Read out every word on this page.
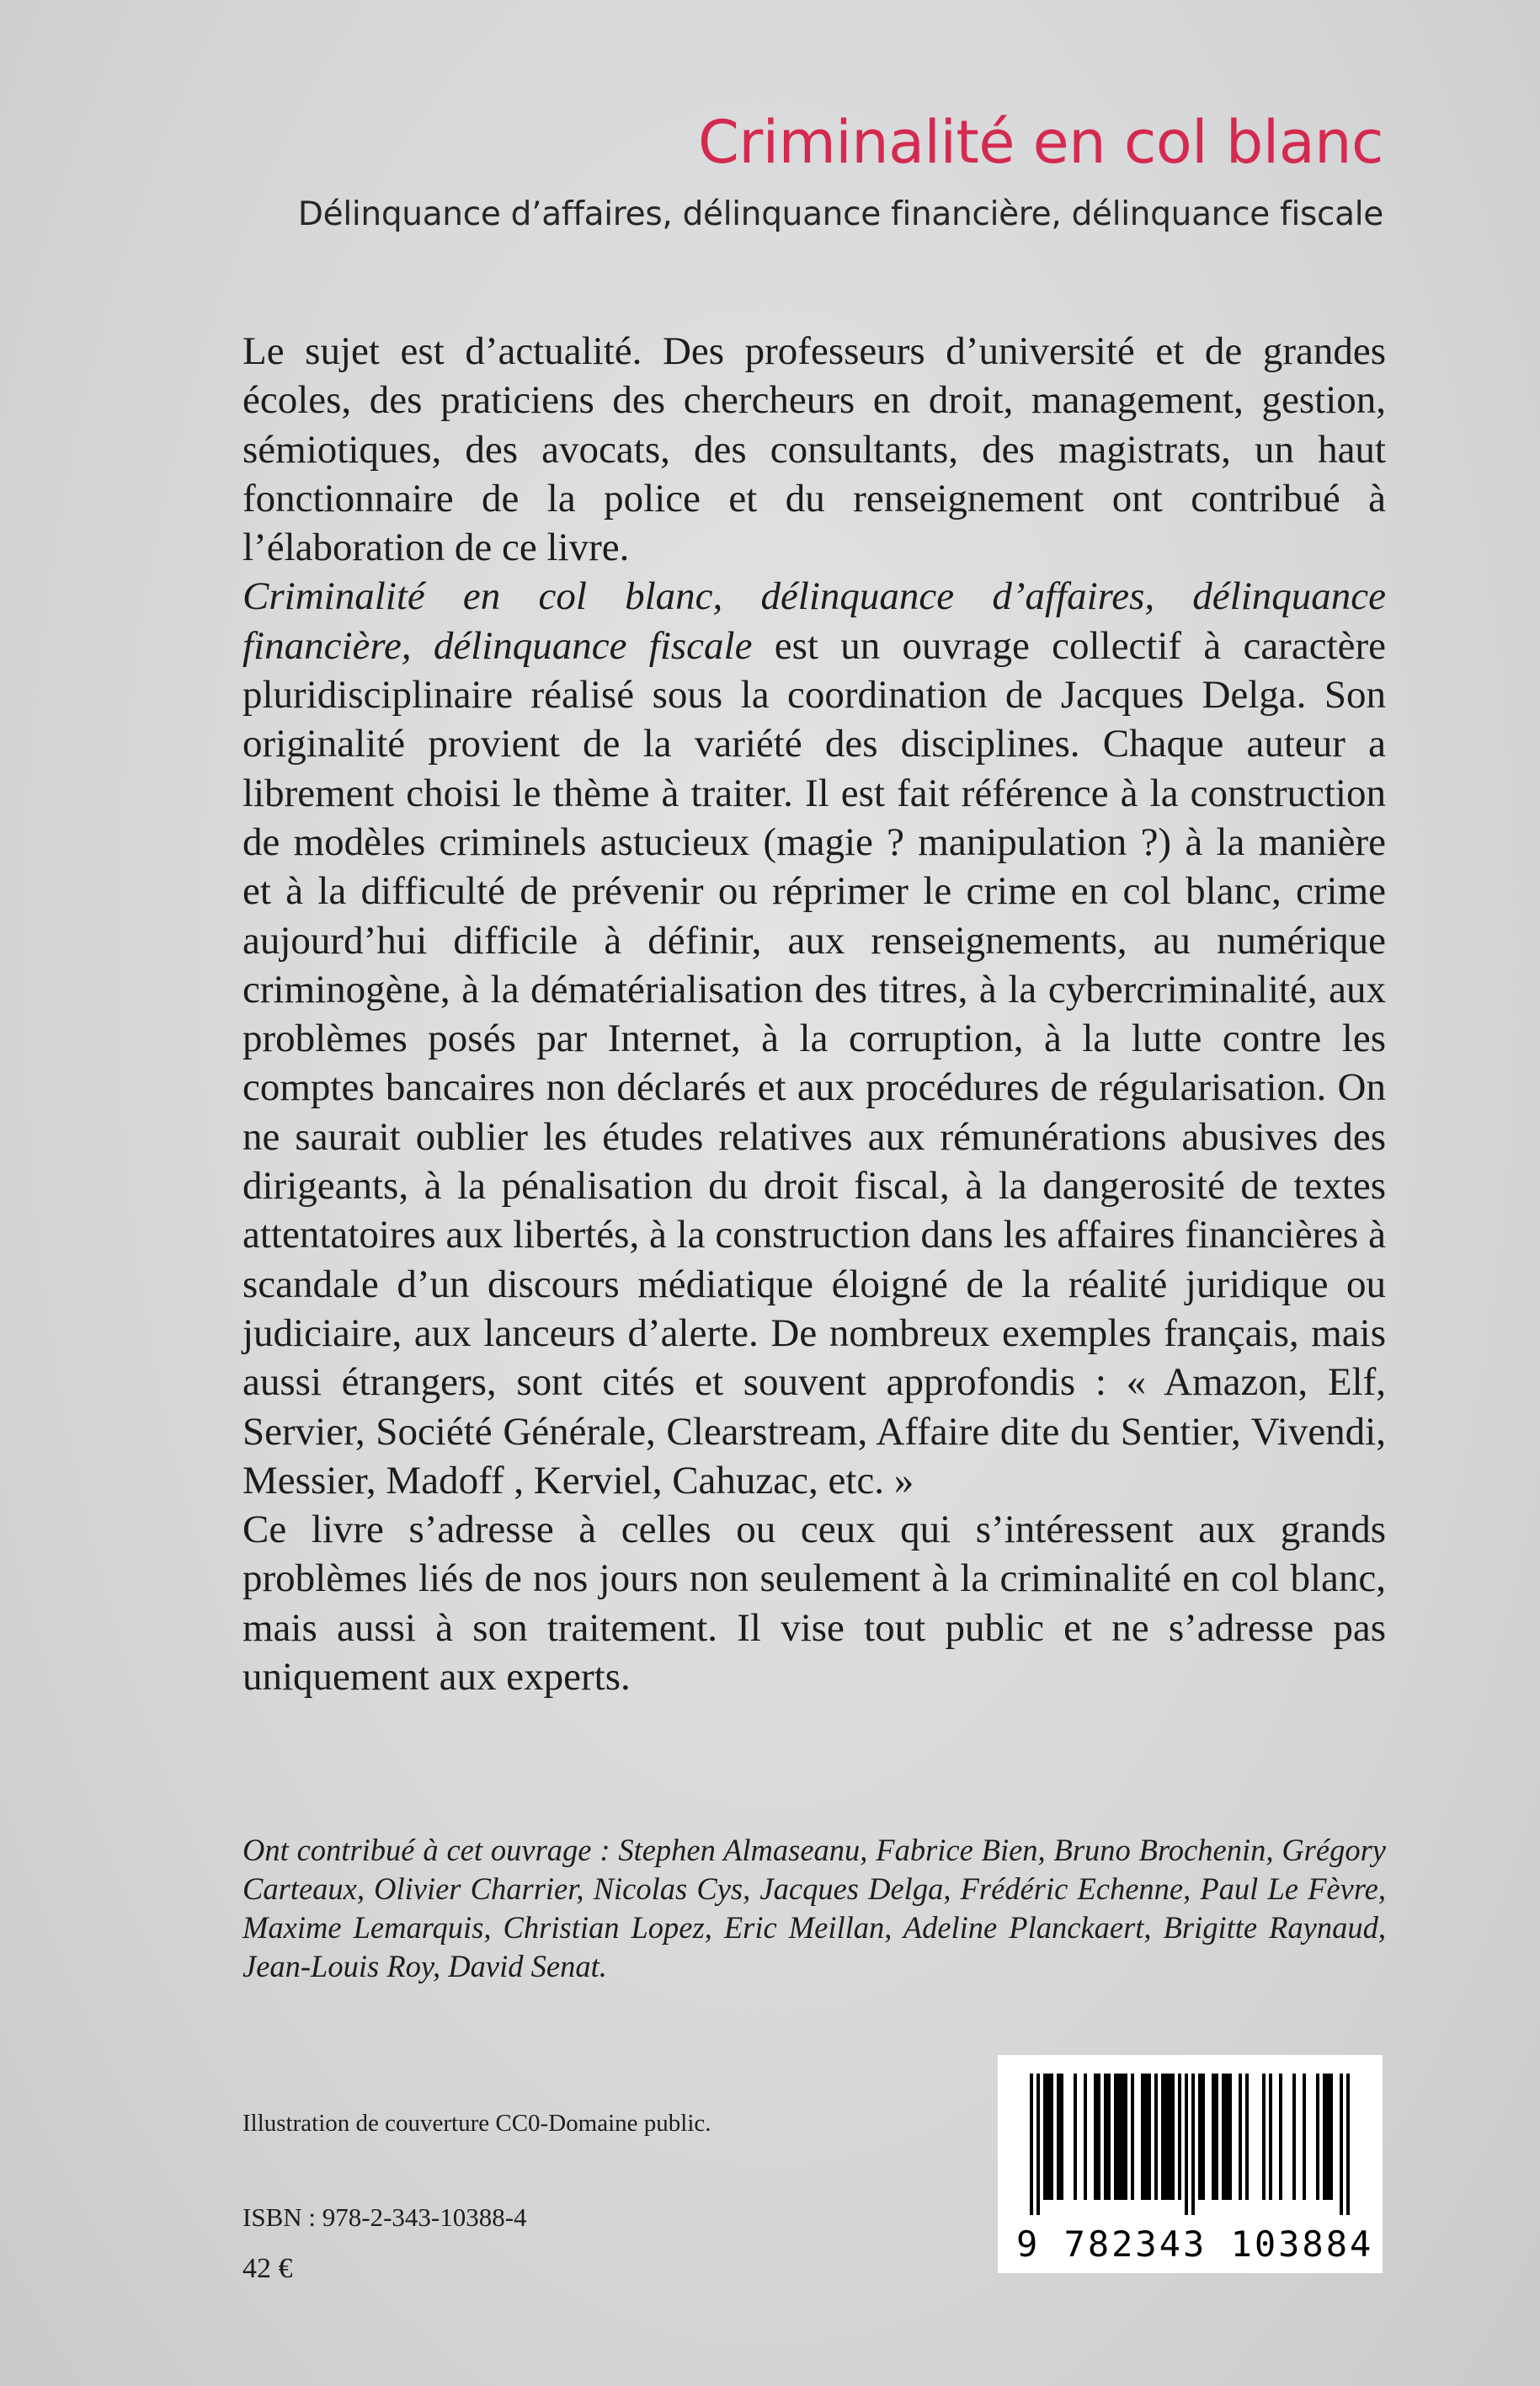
Criminalité en col blanc
Délinquance d’affaires, délinquance financière, délinquance fiscale

Le sujet est d’actualité. Des professeurs d’université et de grandes écoles, des praticiens des chercheurs en droit, management, gestion, sémiotiques, des avocats, des consultants, des magistrats, un haut fonctionnaire de la police et du renseignement ont contribué à l’élaboration de ce livre.

Criminalité en col blanc, délinquance d’affaires, délinquance financière, délinquance fiscale est un ouvrage collectif à caractère pluridisciplinaire réalisé sous la coordination de Jacques Delga. Son originalité provient de la variété des disciplines. Chaque auteur a librement choisi le thème à traiter. Il est fait référence à la construction de modèles criminels astucieux (magie ? manipulation ?) à la manière et à la difficulté de prévenir ou réprimer le crime en col blanc, crime aujourd’hui difficile à définir, aux renseignements, au numérique criminogène, à la dématérialisation des titres, à la cybercriminalité, aux problèmes posés par Internet, à la corruption, à la lutte contre les comptes bancaires non déclarés et aux procédures de régularisation. On ne saurait oublier les études relatives aux rémunérations abusives des dirigeants, à la pénalisation du droit fiscal, à la dangerosité de textes attentatoires aux libertés, à la construction dans les affaires financières à scandale d’un discours médiatique éloigné de la réalité juridique ou judiciaire, aux lanceurs d’alerte. De nombreux exemples français, mais aussi étrangers, sont cités et souvent approfondis : « Amazon, Elf, Servier, Société Générale, Clearstream, Affaire dite du Sentier, Vivendi, Messier, Madoff , Kerviel, Cahuzac, etc. »

Ce livre s’adresse à celles ou ceux qui s’intéressent aux grands problèmes liés de nos jours non seulement à la criminalité en col blanc, mais aussi à son traitement. Il vise tout public et ne s’adresse pas uniquement aux experts.

Ont contribué à cet ouvrage : Stephen Almaseanu, Fabrice Bien, Bruno Brochenin, Grégory Carteaux, Olivier Charrier, Nicolas Cys, Jacques Delga, Frédéric Echenne, Paul Le Fèvre, Maxime Lemarquis, Christian Lopez, Eric Meillan, Adeline Planckaert, Brigitte Raynaud, Jean-Louis Roy, David Senat.
Illustration de couverture CC0-Domaine public.
ISBN : 978-2-343-10388-4
42 €
9 782343 103884
